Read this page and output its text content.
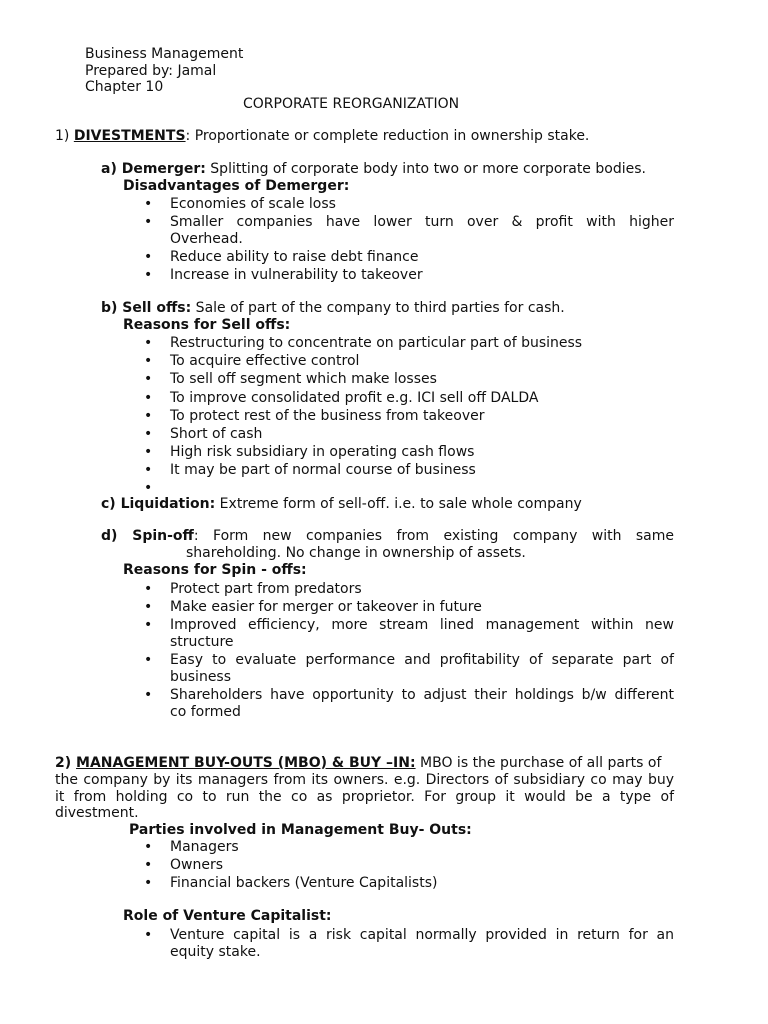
Business Management
Prepared by: Jamal
Chapter 10
CORPORATE REORGANIZATION
1) DIVESTMENTS: Proportionate or complete reduction in ownership stake.
a) Demerger: Splitting of corporate body into two or more corporate bodies.
Disadvantages of Demerger:
• Economies of scale loss
• Smaller companies have lower turn over & profit with higher
Overhead.
• Reduce ability to raise debt finance
• Increase in vulnerability to takeover
b) Sell offs: Sale of part of the company to third parties for cash.
Reasons for Sell offs:
• Restructuring to concentrate on particular part of business
• To acquire effective control
• To sell off segment which make losses
• To improve consolidated profit e.g. ICI sell off DALDA
• To protect rest of the business from takeover
• Short of cash
• High risk subsidiary in operating cash flows
• It may be part of normal course of business
•
c) Liquidation: Extreme form of sell-off. i.e. to sale whole company
d) Spin-off: Form new companies from existing company with same
shareholding. No change in ownership of assets.
Reasons for Spin - offs:
• Protect part from predators
• Make easier for merger or takeover in future
• Improved efficiency, more stream lined management within new
structure
• Easy to evaluate performance and profitability of separate part of
business
• Shareholders have opportunity to adjust their holdings b/w different
co formed
2) MANAGEMENT BUY-OUTS (MBO) & BUY –IN: MBO is the purchase of all parts of
the company by its managers from its owners. e.g. Directors of subsidiary co may buy
it from holding co to run the co as proprietor. For group it would be a type of
divestment.
Parties involved in Management Buy- Outs:
• Managers
• Owners
• Financial backers (Venture Capitalists)
Role of Venture Capitalist:
• Venture capital is a risk capital normally provided in return for an
equity stake.
